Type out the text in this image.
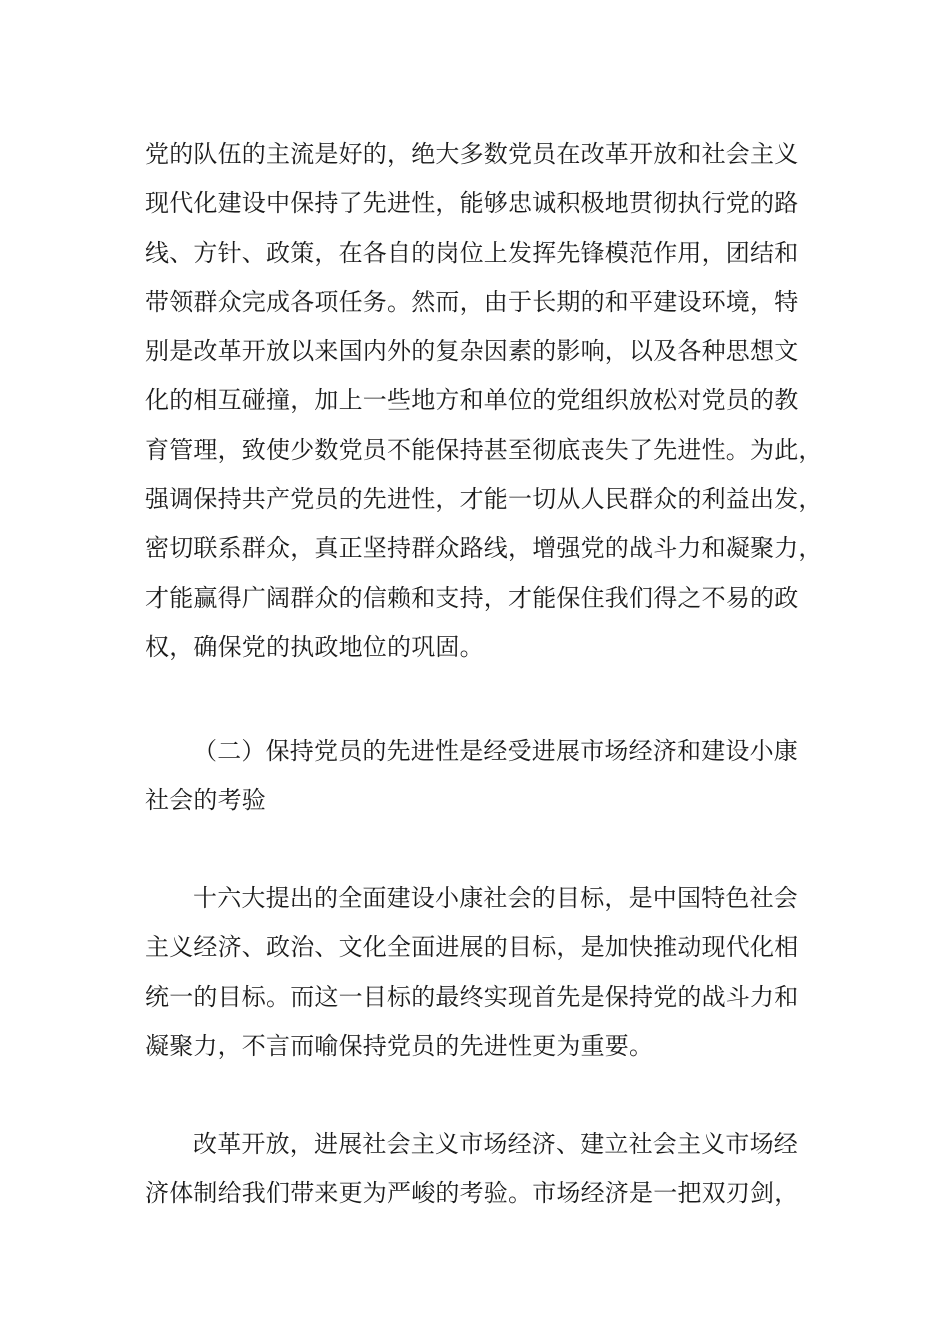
党的队伍的主流是好的，绝大多数党员在改革开放和社会主义
现代化建设中保持了先进性，能够忠诚积极地贯彻执行党的路
线、方针、政策，在各自的岗位上发挥先锋模范作用，团结和
带领群众完成各项任务。然而，由于长期的和平建设环境，特
别是改革开放以来国内外的复杂因素的影响，以及各种思想文
化的相互碰撞，加上一些地方和单位的党组织放松对党员的教
育管理，致使少数党员不能保持甚至彻底丧失了先进性。为此，
强调保持共产党员的先进性，才能一切从人民群众的利益出发，
密切联系群众，真正坚持群众路线，增强党的战斗力和凝聚力，
才能赢得广阔群众的信赖和支持，才能保住我们得之不易的政
权，确保党的执政地位的巩固。
（二）保持党员的先进性是经受进展市场经济和建设小康
社会的考验
十六大提出的全面建设小康社会的目标，是中国特色社会
主义经济、政治、文化全面进展的目标，是加快推动现代化相
统一的目标。而这一目标的最终实现首先是保持党的战斗力和
凝聚力，不言而喻保持党员的先进性更为重要。
改革开放，进展社会主义市场经济、建立社会主义市场经
济体制给我们带来更为严峻的考验。市场经济是一把双刃剑，
